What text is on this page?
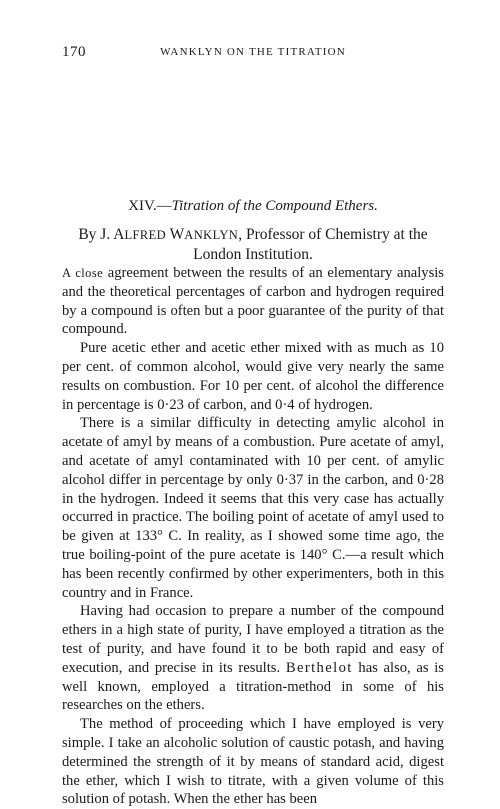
170	WANKLYN ON THE TITRATION
XIV.—Titration of the Compound Ethers.
By J. ALFRED WANKLYN, Professor of Chemistry at the London Institution.

A close agreement between the results of an elementary analysis and the theoretical percentages of carbon and hydrogen required by a compound is often but a poor guarantee of the purity of that compound.

Pure acetic ether and acetic ether mixed with as much as 10 per cent. of common alcohol, would give very nearly the same results on combustion. For 10 per cent. of alcohol the difference in percentage is 0·23 of carbon, and 0·4 of hydrogen.

There is a similar difficulty in detecting amylic alcohol in acetate of amyl by means of a combustion. Pure acetate of amyl, and acetate of amyl contaminated with 10 per cent. of amylic alcohol differ in percentage by only 0·37 in the carbon, and 0·28 in the hydrogen. Indeed it seems that this very case has actually occurred in practice. The boiling point of acetate of amyl used to be given at 133° C. In reality, as I showed some time ago, the true boiling-point of the pure acetate is 140° C.—a result which has been recently confirmed by other experimenters, both in this country and in France.

Having had occasion to prepare a number of the compound ethers in a high state of purity, I have employed a titration as the test of purity, and have found it to be both rapid and easy of execution, and precise in its results. Berthelot has also, as is well known, employed a titration-method in some of his researches on the ethers.

The method of proceeding which I have employed is very simple. I take an alcoholic solution of caustic potash, and having determined the strength of it by means of standard acid, digest the ether, which I wish to titrate, with a given volume of this solution of potash. When the ether has been
